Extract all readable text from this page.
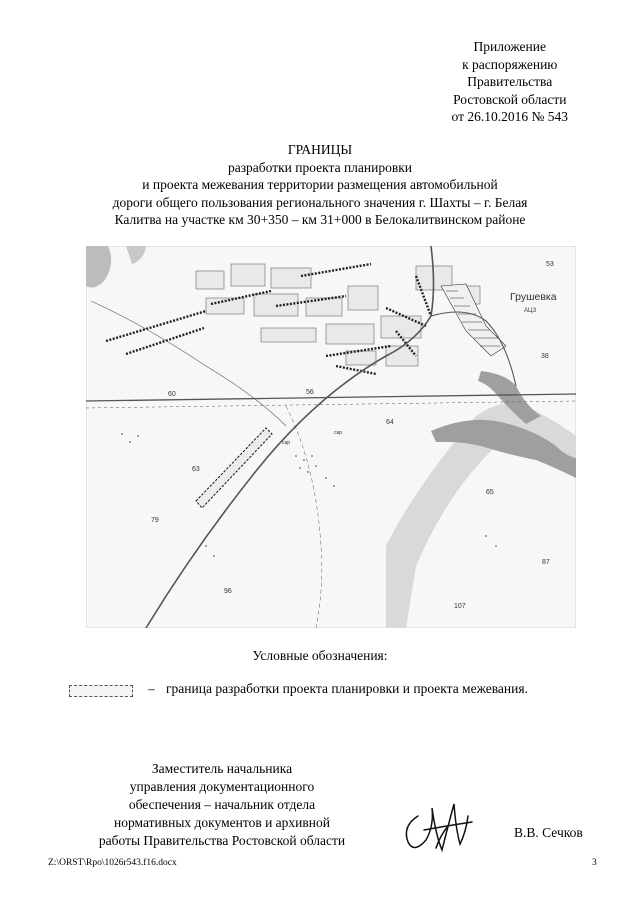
Приложение
к распоряжению
Правительства
Ростовской области
от 26.10.2016 № 543
ГРАНИЦЫ
разработки проекта планировки
и проекта межевания территории размещения автомобильной
дороги общего пользования регионального значения г. Шахты – г. Белая
Калитва на участке км 30+350 – км 31+000 в Белокалитвинском районе
Грушевка
АЦЗ
53
38
60	56
64
63
65
79
87
96
107
сар
сар
Условные обозначения:
– граница разработки проекта планировки и проекта межевания.
Заместитель начальника
управления документационного
обеспечения – начальник отдела
нормативных документов и архивной
работы Правительства Ростовской области
В.В. Сечков
Z:\ORST\Rpo\1026r543.f16.docx	3
